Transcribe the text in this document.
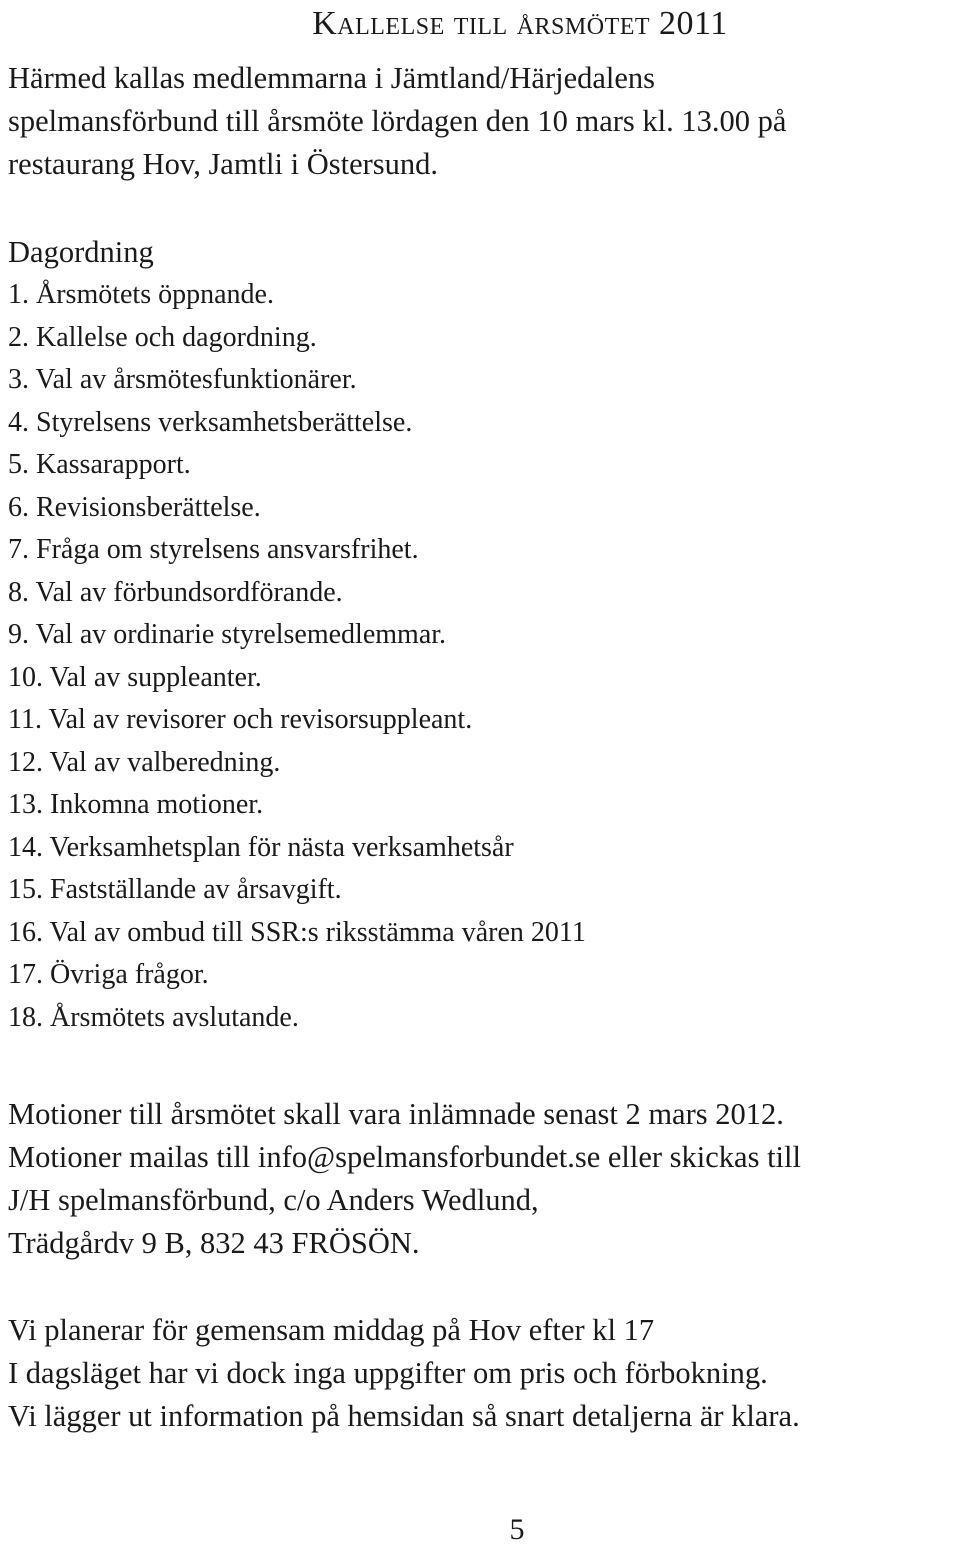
Kallelse till årsmötet 2011
Härmed kallas medlemmarna i Jämtland/Härjedalens
spelmansförbund till årsmöte lördagen den 10 mars kl. 13.00 på
restaurang Hov, Jamtli i Östersund.
Dagordning
1. Årsmötets öppnande.
2. Kallelse och dagordning.
3. Val av årsmötesfunktionärer.
4. Styrelsens verksamhetsberättelse.
5. Kassarapport.
6. Revisionsberättelse.
7. Fråga om styrelsens ansvarsfrihet.
8. Val av förbundsordförande.
9. Val av ordinarie styrelsemedlemmar.
10. Val av suppleanter.
11. Val av revisorer och revisorsuppleant.
12. Val av valberedning.
13. Inkomna motioner.
14. Verksamhetsplan för nästa verksamhetsår
15. Fastställande av årsavgift.
16. Val av ombud till SSR:s riksstämma våren 2011
17. Övriga frågor.
18. Årsmötets avslutande.
Motioner till årsmötet skall vara inlämnade senast 2 mars 2012.
Motioner mailas till info@spelmansforbundet.se eller skickas till
J/H spelmansförbund, c/o Anders Wedlund,
Trädgårdv 9 B, 832 43 FRÖSÖN.
Vi planerar för gemensam middag på Hov efter kl 17
I dagsläget har vi dock inga uppgifter om pris och förbokning.
Vi lägger ut information på hemsidan så snart detaljerna är klara.
5
